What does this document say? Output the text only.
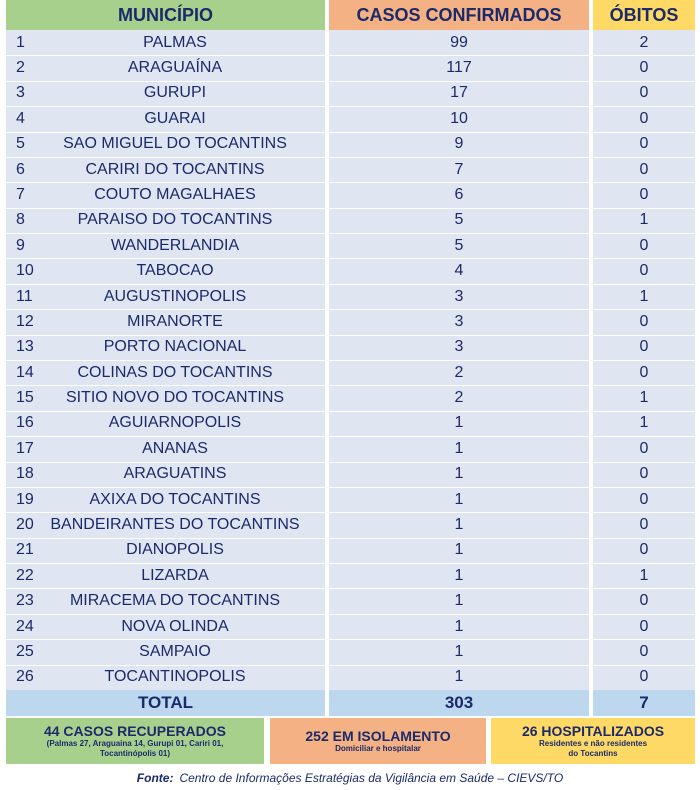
MUNICÍPIO	CASOS CONFIRMADOS	ÓBITOS
26	TOCANTINOPOLIS	1	0
25	SAMPAIO	1	0
24	NOVA OLINDA	1	0
23	MIRACEMA DO TOCANTINS	1	0
22	LIZARDA	1	1
21	DIANOPOLIS	1	0
20	BANDEIRANTES DO TOCANTINS	1	0
19	AXIXA DO TOCANTINS	1	0
18	ARAGUATINS	1	0
17	ANANAS	1	0
16	AGUIARNOPOLIS	1	1
15	SITIO NOVO DO TOCANTINS	2	1
14	COLINAS DO TOCANTINS	2	0
13	PORTO NACIONAL	3	0
12	MIRANORTE	3	0
11	AUGUSTINOPOLIS	3	1
10	TABOCAO	4	0
9	WANDERLANDIA	5	0
8	PARAISO DO TOCANTINS	5	1
7	COUTO MAGALHAES	6	0
6	CARIRI DO TOCANTINS	7	0
5	SAO MIGUEL DO TOCANTINS	9	0
4	GUARAI	10	0
3	GURUPI	17	0
2	ARAGUAÍNA	117	0
1	PALMAS	99	2
TOTAL	303	7
44 CASOS RECUPERADOS
(Palmas 27, Araguaina 14, Gurupi 01, Cariri 01,
Tocantinópolis 01)
252 EM ISOLAMENTO
Domiciliar e hospitalar
26 HOSPITALIZADOS
Residentes e não residentes
do Tocantins
Fonte: Centro de Informações Estratégias da Vigilância em Saúde – CIEVS/TO
